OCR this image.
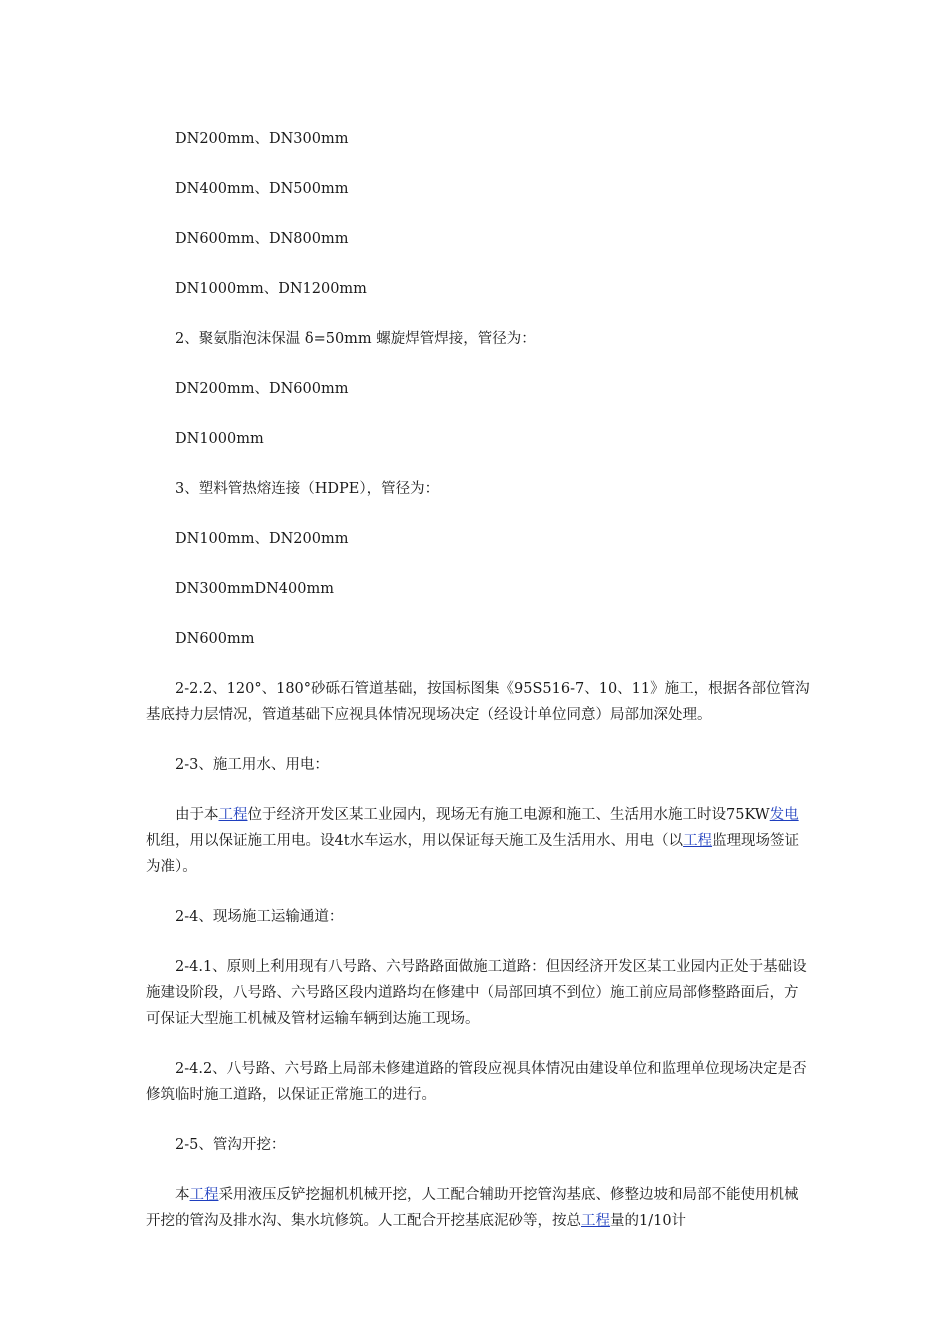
DN200mm、DN300mm

DN400mm、DN500mm

DN600mm、DN800mm

DN1000mm、DN1200mm

2、聚氨脂泡沫保温 δ=50mm 螺旋焊管焊接，管径为：

DN200mm、DN600mm

DN1000mm

3、塑料管热熔连接（HDPE），管径为：

DN100mm、DN200mm

DN300mmDN400mm

DN600mm

2-2.2、120°、180°砂砾石管道基础，按国标图集《95S516-7、10、11》施工，根据各部位管沟基底持力层情况，管道基础下应视具体情况现场决定（经设计单位同意）局部加深处理。

2-3、施工用水、用电：

由于本工程位于经济开发区某工业园内，现场无有施工电源和施工、生活用水施工时设75KW发电机组，用以保证施工用电。设4t水车运水，用以保证每天施工及生活用水、用电（以工程监理现场签证为准）。

2-4、现场施工运输通道：

2-4.1、原则上利用现有八号路、六号路路面做施工道路：但因经济开发区某工业园内正处于基础设施建设阶段，八号路、六号路区段内道路均在修建中（局部回填不到位）施工前应局部修整路面后，方可保证大型施工机械及管材运输车辆到达施工现场。

2-4.2、八号路、六号路上局部未修建道路的管段应视具体情况由建设单位和监理单位现场决定是否修筑临时施工道路，以保证正常施工的进行。

2-5、管沟开挖：

本工程采用液压反铲挖掘机机械开挖，人工配合辅助开挖管沟基底、修整边坡和局部不能使用机械开挖的管沟及排水沟、集水坑修筑。人工配合开挖基底泥砂等，按总工程量的1/10计
